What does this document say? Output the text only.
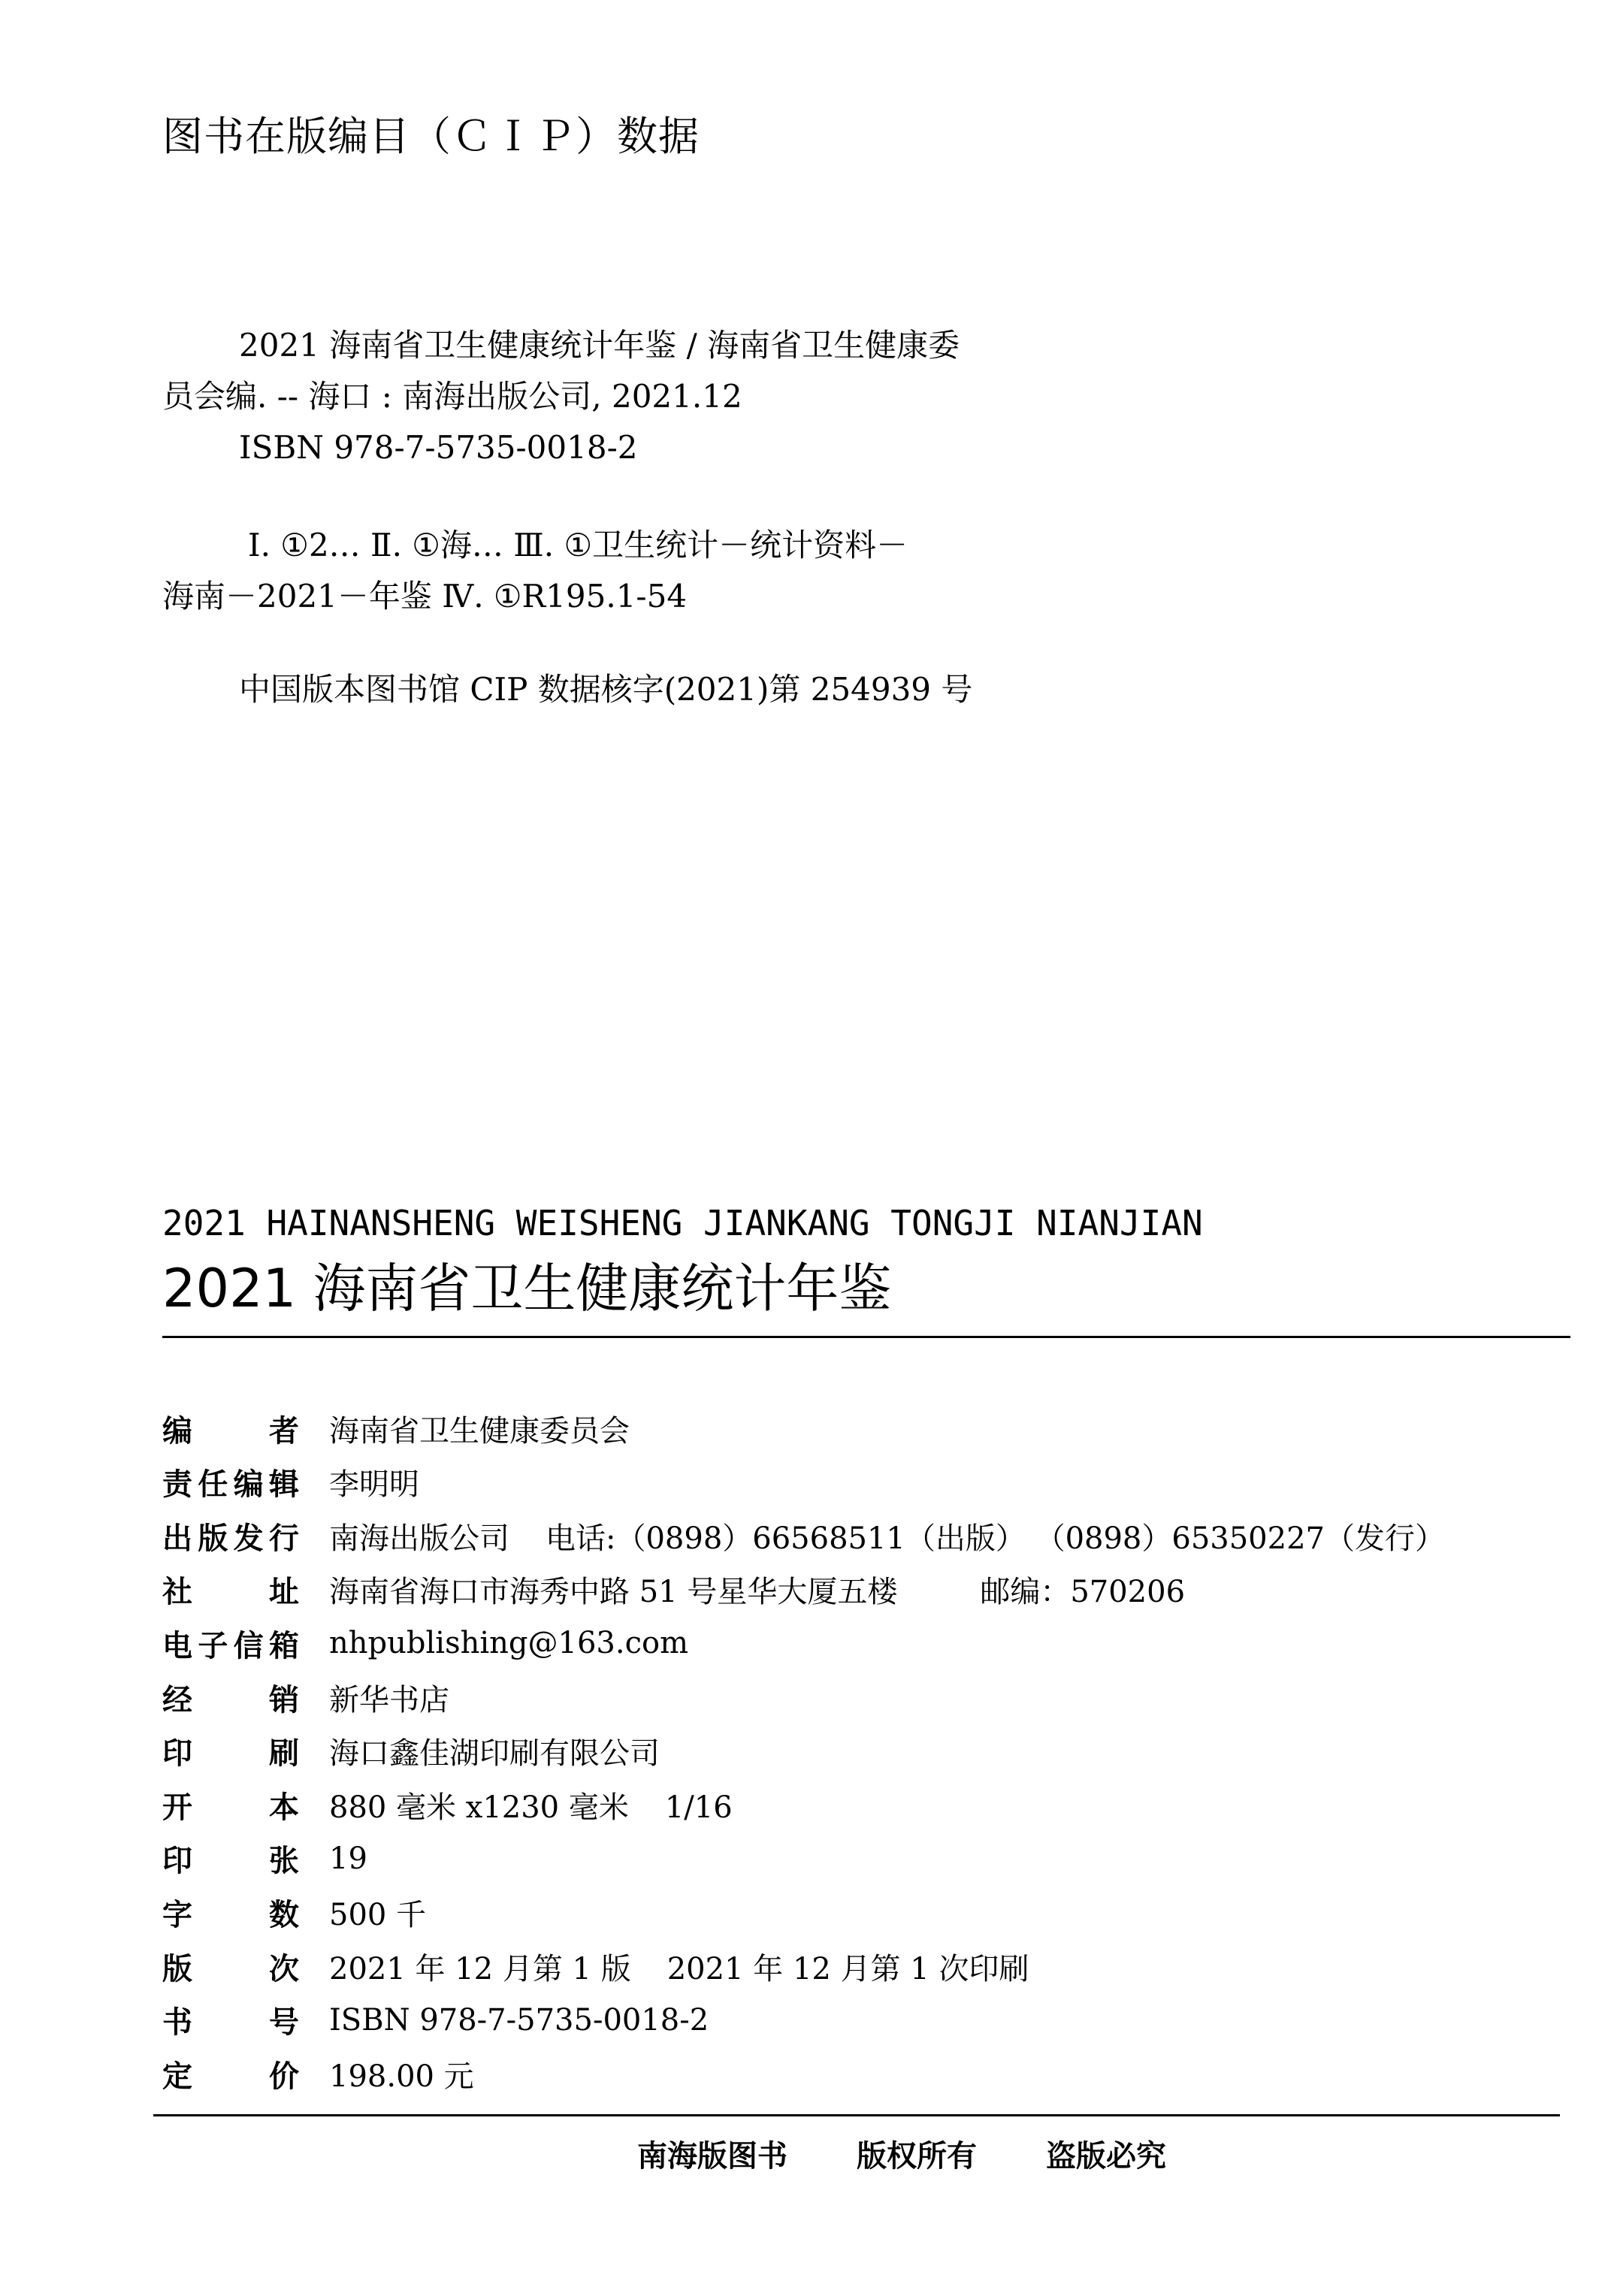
图书在版编目（ＣＩＰ）数据
2021 海南省卫生健康统计年鉴 / 海南省卫生健康委
员会编. -- 海口 : 南海出版公司, 2021.12
ISBN 978-7-5735-0018-2
Ⅰ. ①2… Ⅱ. ①海… Ⅲ. ①卫生统计－统计资料－
海南－2021－年鉴 Ⅳ. ①R195.1-54
中国版本图书馆 CIP 数据核字(2021)第 254939 号
2021 HAINANSHENG WEISHENG JIANKANG TONGJI NIANJIAN
2021 海南省卫生健康统计年鉴
编	者 海南省卫生健康委员会
责 任 编 辑 李明明
出 版 发 行 南海出版公司 电话:（0898）66568511（出版） （0898）65350227（发行）
社	址 海南省海口市海秀中路 51 号星华大厦五楼	邮编：570206
电 子 信 箱 nhpublishing@163.com
经	销 新华书店
印	刷 海口鑫佳湖印刷有限公司
开	本 880 毫米 x1230 毫米 1/16
印	张 19
字	数 500 千
版	次 2021 年 12 月第 1 版 2021 年 12 月第 1 次印刷
书	号 ISBN 978-7-5735-0018-2
定	价 198.00 元
南海版图书 版权所有 盗版必究
